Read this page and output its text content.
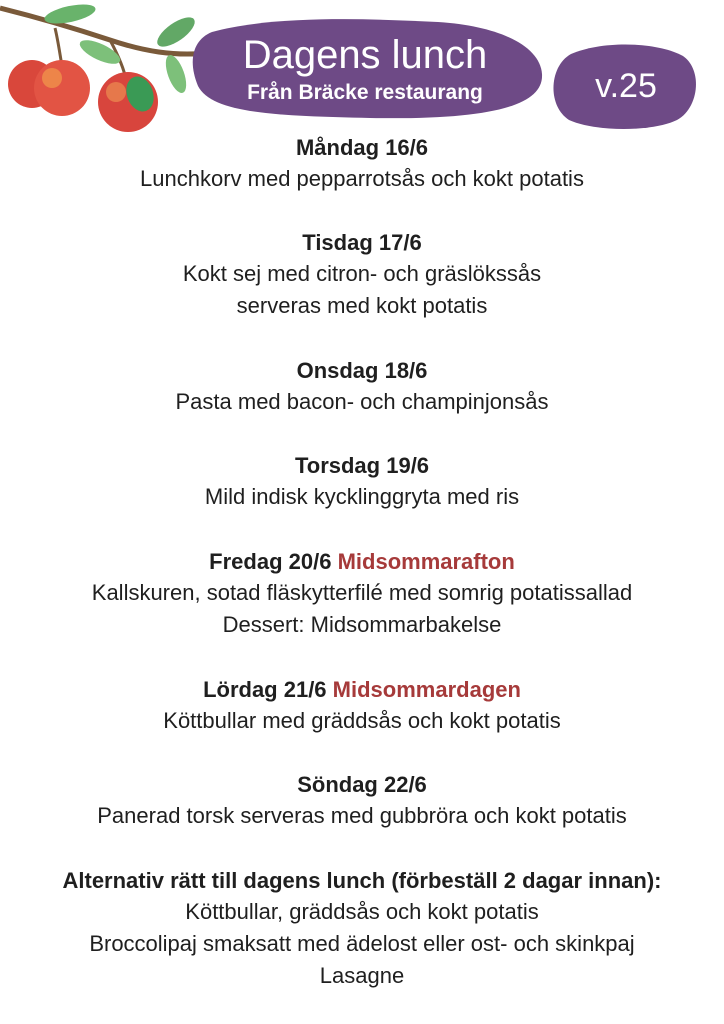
Dagens lunch
Från Bräcke restaurang	v.25
Måndag 16/6
Lunchkorv med pepparrotsås och kokt potatis
Tisdag 17/6
Kokt sej med citron- och gräslökssås
serveras med kokt potatis
Onsdag 18/6
Pasta med bacon- och champinjonsås
Torsdag 19/6
Mild indisk kycklinggryta med ris
Fredag 20/6 Midsommarafton
Kallskuren, sotad fläskytterfilé med somrig potatissallad
Dessert: Midsommarbakelse
Lördag 21/6 Midsommardagen
Köttbullar med gräddsås och kokt potatis
Söndag 22/6
Panerad torsk serveras med gubbröra och kokt potatis
Alternativ rätt till dagens lunch (förbeställ 2 dagar innan):
Köttbullar, gräddsås och kokt potatis
Broccolipaj smaksatt med ädelost eller ost- och skinkpaj
Lasagne
